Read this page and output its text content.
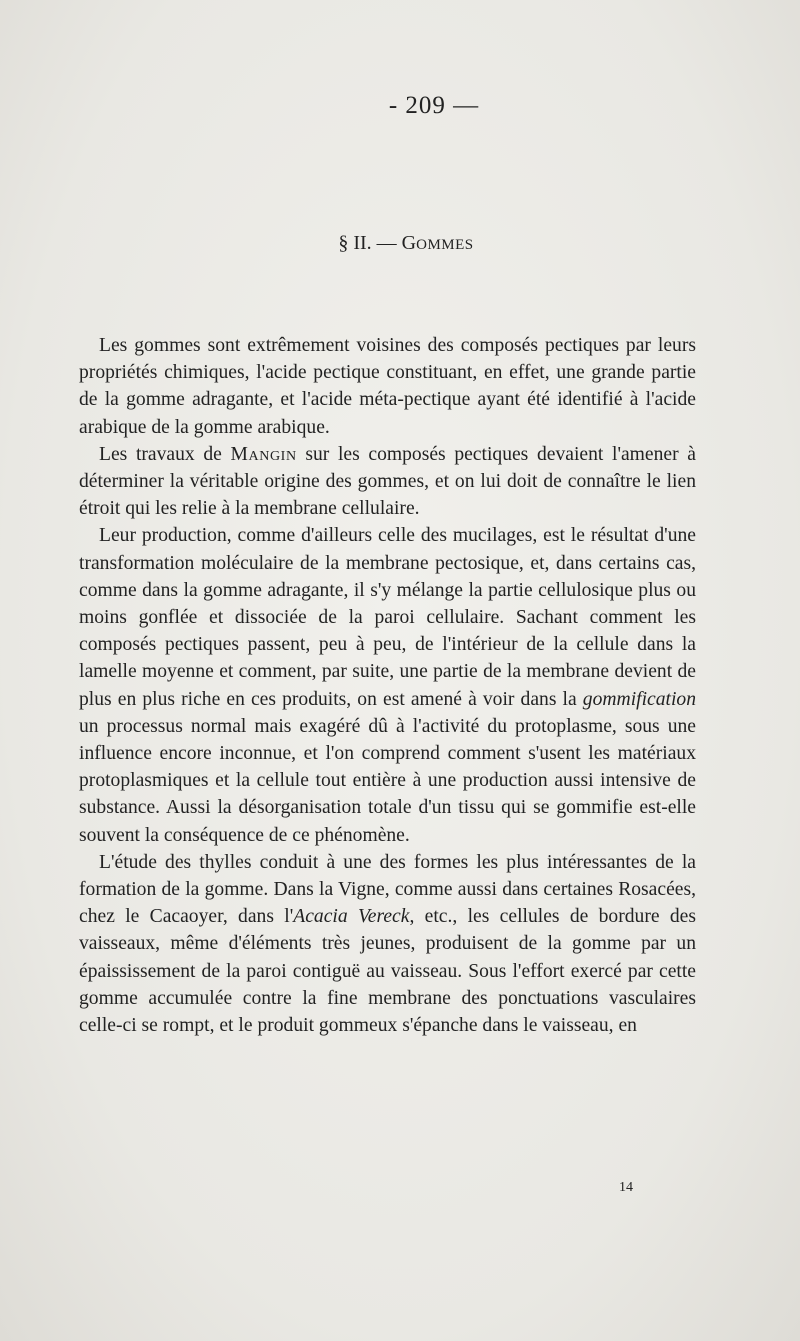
- 209 —
§ II. — GOMMES

Les gommes sont extrêmement voisines des composés pectiques par leurs propriétés chimiques, l'acide pectique constituant, en effet, une grande partie de la gomme adragante, et l'acide méta-pectique ayant été identifié à l'acide arabique de la gomme arabique.

Les travaux de Mangin sur les composés pectiques devaient l'amener à déterminer la véritable origine des gommes, et on lui doit de connaître le lien étroit qui les relie à la membrane cellulaire.

Leur production, comme d'ailleurs celle des mucilages, est le résultat d'une transformation moléculaire de la membrane pectosique, et, dans certains cas, comme dans la gomme adragante, il s'y mélange la partie cellulosique plus ou moins gonflée et dissociée de la paroi cellulaire. Sachant comment les composés pectiques passent, peu à peu, de l'intérieur de la cellule dans la lamelle moyenne et comment, par suite, une partie de la membrane devient de plus en plus riche en ces produits, on est amené à voir dans la gommification un processus normal mais exagéré dû à l'activité du protoplasme, sous une influence encore inconnue, et l'on comprend comment s'usent les matériaux protoplasmiques et la cellule tout entière à une production aussi intensive de substance. Aussi la désorganisation totale d'un tissu qui se gommifie est-elle souvent la conséquence de ce phénomène.

L'étude des thylles conduit à une des formes les plus intéressantes de la formation de la gomme. Dans la Vigne, comme aussi dans certaines Rosacées, chez le Cacaoyer, dans l'Acacia Vereck, etc., les cellules de bordure des vaisseaux, même d'éléments très jeunes, produisent de la gomme par un épaississement de la paroi contiguë au vaisseau. Sous l'effort exercé par cette gomme accumulée contre la fine membrane des ponctuations vasculaires celle-ci se rompt, et le produit gommeux s'épanche dans le vaisseau, en

14
